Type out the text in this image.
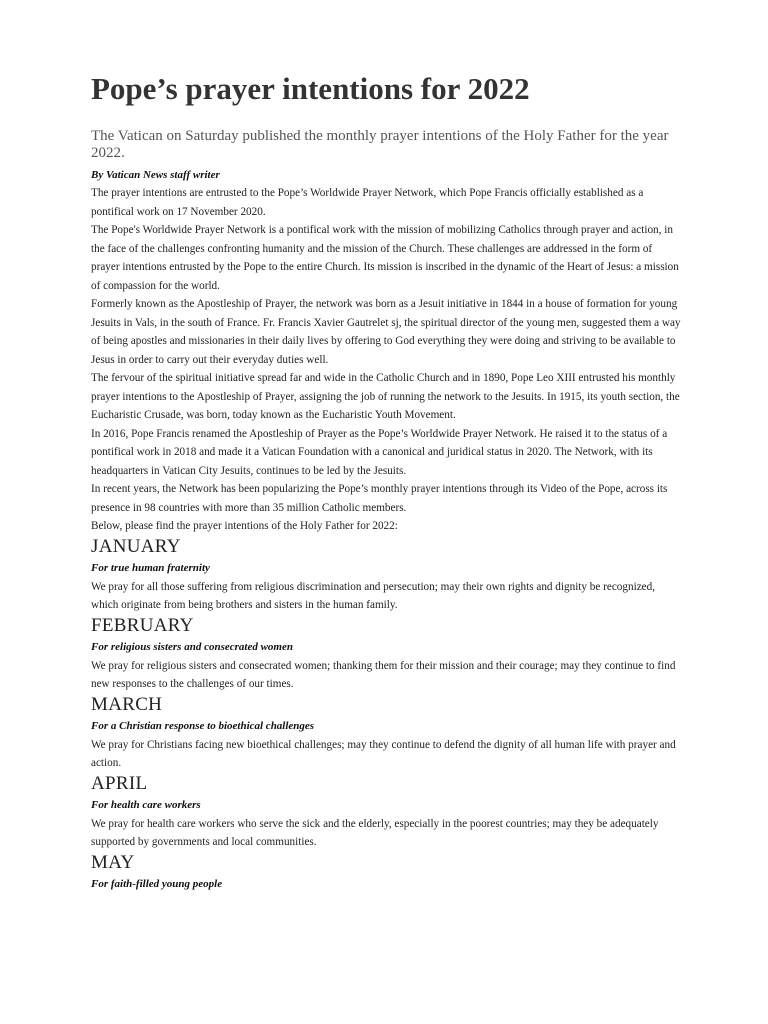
Pope’s prayer intentions for 2022

The Vatican on Saturday published the monthly prayer intentions of the Holy Father for the year 2022.

By Vatican News staff writer

The prayer intentions are entrusted to the Pope’s Worldwide Prayer Network, which Pope Francis officially established as a pontifical work on 17 November 2020.

The Pope's Worldwide Prayer Network is a pontifical work with the mission of mobilizing Catholics through prayer and action, in the face of the challenges confronting humanity and the mission of the Church. These challenges are addressed in the form of prayer intentions entrusted by the Pope to the entire Church. Its mission is inscribed in the dynamic of the Heart of Jesus: a mission of compassion for the world.

Formerly known as the Apostleship of Prayer, the network was born as a Jesuit initiative in 1844 in a house of formation for young Jesuits in Vals, in the south of France. Fr. Francis Xavier Gautrelet sj, the spiritual director of the young men, suggested them a way of being apostles and missionaries in their daily lives by offering to God everything they were doing and striving to be available to Jesus in order to carry out their everyday duties well.

The fervour of the spiritual initiative spread far and wide in the Catholic Church and in 1890, Pope Leo XIII entrusted his monthly prayer intentions to the Apostleship of Prayer, assigning the job of running the network to the Jesuits. In 1915, its youth section, the Eucharistic Crusade, was born, today known as the Eucharistic Youth Movement.

In 2016, Pope Francis renamed the Apostleship of Prayer as the Pope’s Worldwide Prayer Network. He raised it to the status of a pontifical work in 2018 and made it a Vatican Foundation with a canonical and juridical status in 2020. The Network, with its headquarters in Vatican City Jesuits, continues to be led by the Jesuits.

In recent years, the Network has been popularizing the Pope’s monthly prayer intentions through its Video of the Pope, across its presence in 98 countries with more than 35 million Catholic members.

Below, please find the prayer intentions of the Holy Father for 2022:

JANUARY
For true human fraternity

We pray for all those suffering from religious discrimination and persecution; may their own rights and dignity be recognized, which originate from being brothers and sisters in the human family.

FEBRUARY
For religious sisters and consecrated women

We pray for religious sisters and consecrated women; thanking them for their mission and their courage; may they continue to find new responses to the challenges of our times.

MARCH
For a Christian response to bioethical challenges

We pray for Christians facing new bioethical challenges; may they continue to defend the dignity of all human life with prayer and action.

APRIL
For health care workers

We pray for health care workers who serve the sick and the elderly, especially in the poorest countries; may they be adequately supported by governments and local communities.

MAY
For faith-filled young people
